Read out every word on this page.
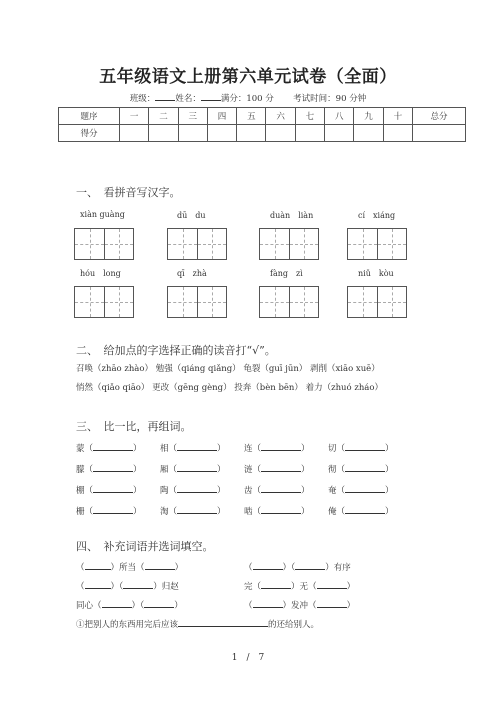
五年级语文上册第六单元试卷（全面）
班级： 姓名： 满分：100 分 考试时间：90 分钟
题序	一	二	三	四	五	六	七	八	九	十	总分
得分											
一、　看拼音写汉字。
xiàn guàng	dū　du	duàn　liàn	cí　xiáng
hóu　long	qī　zhà	fàng　zì	niǔ　kòu
二、　给加点的字选择正确的读音打“√”。
召唤（zhāo zhào） 勉强（qiáng qiǎng） 龟裂（guī jūn） 剥削（xiāo xuē）
悄然（qiǎo qiāo） 更改（gēng gèng） 投奔（bèn bēn） 着力（zhuó zháo）
三、　比一比，再组词。
蒙（	） 相（	） 连（	） 切（	）
朦（	） 厢（	） 涟（	） 彻（	）
棚（	） 陶（	） 齿（	） 奄（	）
栅（	） 淘（	） 啮（	） 俺（	）
四、　补充词语并选词填空。
（	）所当（	）	（	）（	）有序
（	）（	）归赵	完（	）无（	）
同心（	）（	）	（	）发冲（	）
①把别人的东西用完后应该	的还给别人。
1　/　7
